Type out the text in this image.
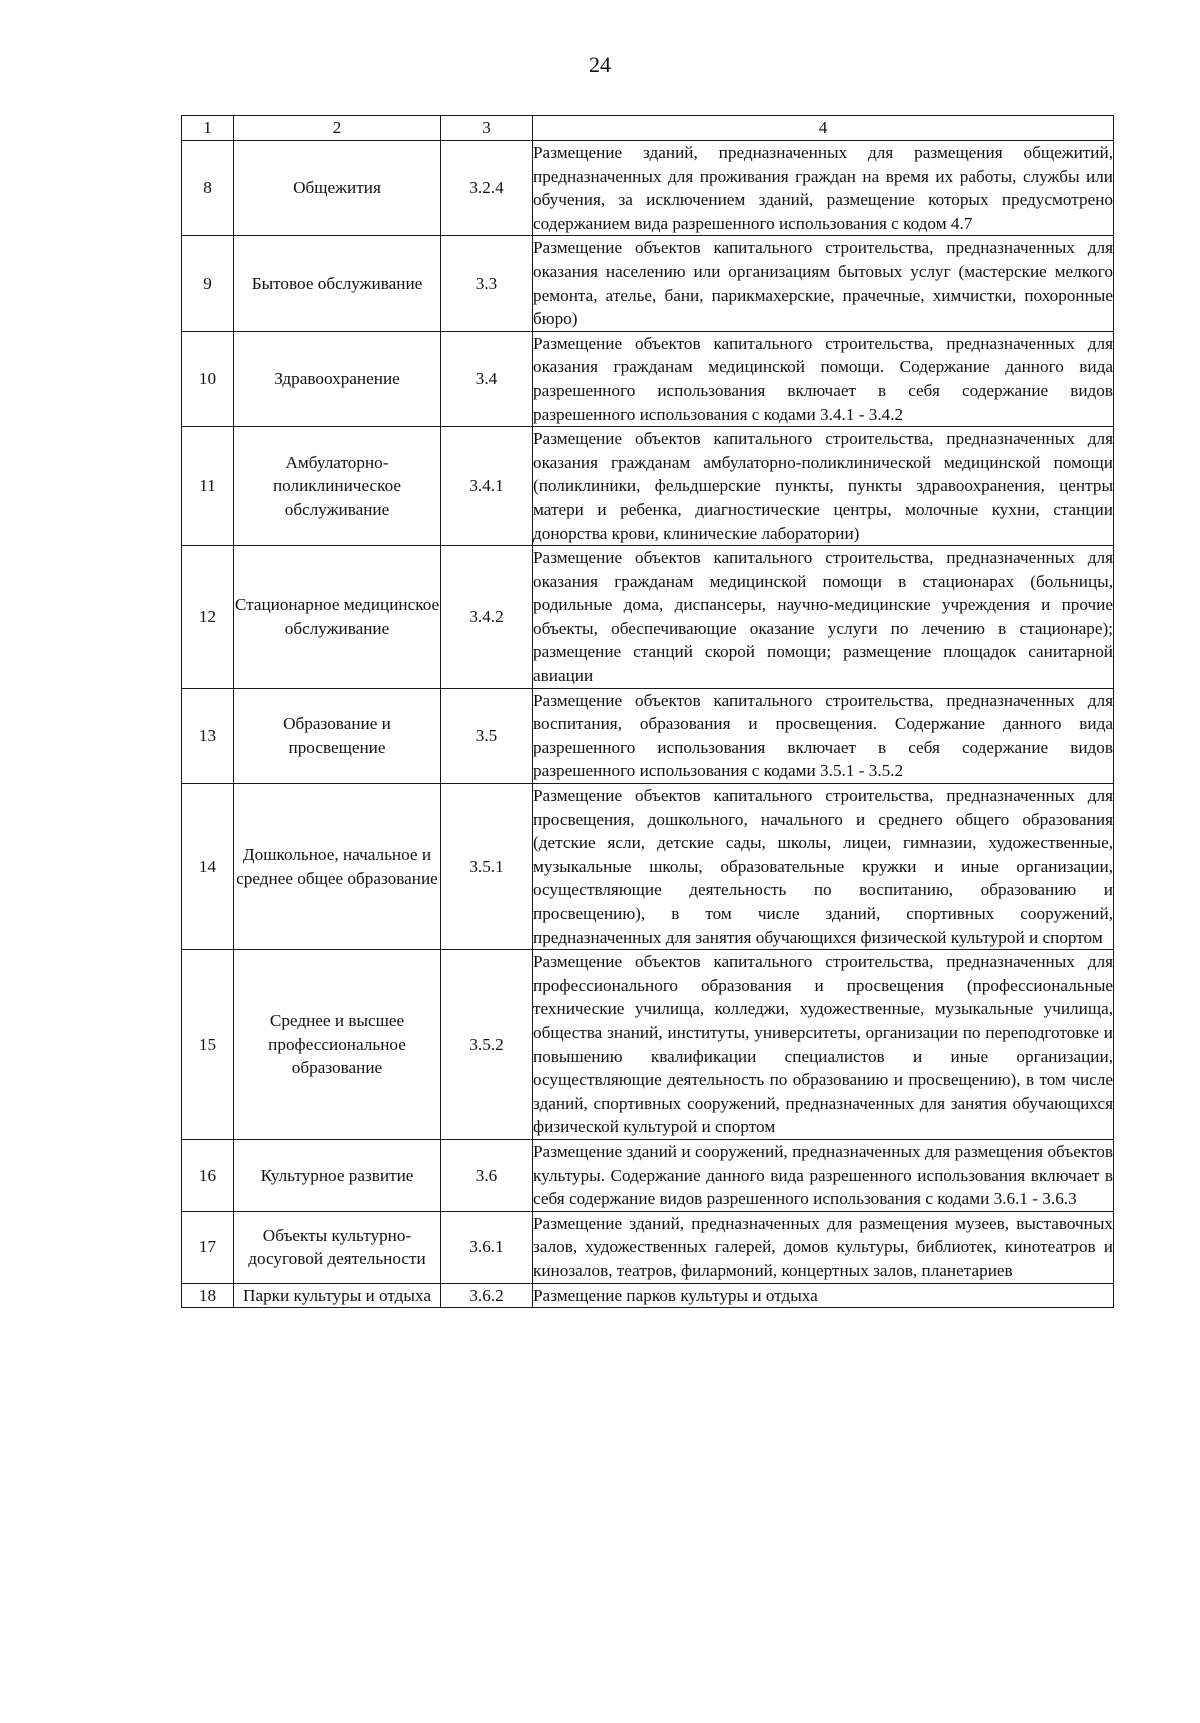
24
1	2	3	4
8	Общежития	3.2.4	Размещение зданий, предназначенных для размещения общежитий, предназначенных для проживания граждан на время их работы, службы или обучения, за исключением зданий, размещение которых предусмотрено содержанием вида разрешенного использования с кодом 4.7
9	Бытовое обслуживание	3.3	Размещение объектов капитального строительства, предназначенных для оказания населению или организациям бытовых услуг (мастерские мелкого ремонта, ателье, бани, парикмахерские, прачечные, химчистки, похоронные бюро)
10	Здравоохранение	3.4	Размещение объектов капитального строительства, предназначенных для оказания гражданам медицинской помощи. Содержание данного вида разрешенного использования включает в себя содержание видов разрешенного использования с кодами 3.4.1 - 3.4.2
11	Амбулаторно-поликлиническое обслуживание	3.4.1	Размещение объектов капитального строительства, предназначенных для оказания гражданам амбулаторно-поликлинической медицинской помощи (поликлиники, фельдшерские пункты, пункты здравоохранения, центры матери и ребенка, диагностические центры, молочные кухни, станции донорства крови, клинические лаборатории)
12	Стационарное медицинское обслуживание	3.4.2	Размещение объектов капитального строительства, предназначенных для оказания гражданам медицинской помощи в стационарах (больницы, родильные дома, диспансеры, научно-медицинские учреждения и прочие объекты, обеспечивающие оказание услуги по лечению в стационаре); размещение станций скорой помощи; размещение площадок санитарной авиации
13	Образование и просвещение	3.5	Размещение объектов капитального строительства, предназначенных для воспитания, образования и просвещения. Содержание данного вида разрешенного использования включает в себя содержание видов разрешенного использования с кодами 3.5.1 - 3.5.2
14	Дошкольное, начальное и среднее общее образование	3.5.1	Размещение объектов капитального строительства, предназначенных для просвещения, дошкольного, начального и среднего общего образования (детские ясли, детские сады, школы, лицеи, гимназии, художественные, музыкальные школы, образовательные кружки и иные организации, осуществляющие деятельность по воспитанию, образованию и просвещению), в том числе зданий, спортивных сооружений, предназначенных для занятия обучающихся физической культурой и спортом
15	Среднее и высшее профессиональное образование	3.5.2	Размещение объектов капитального строительства, предназначенных для профессионального образования и просвещения (профессиональные технические училища, колледжи, художественные, музыкальные училища, общества знаний, институты, университеты, организации по переподготовке и повышению квалификации специалистов и иные организации, осуществляющие деятельность по образованию и просвещению), в том числе зданий, спортивных сооружений, предназначенных для занятия обучающихся физической культурой и спортом
16	Культурное развитие	3.6	Размещение зданий и сооружений, предназначенных для размещения объектов культуры. Содержание данного вида разрешенного использования включает в себя содержание видов разрешенного использования с кодами 3.6.1 - 3.6.3
17	Объекты культурно-досуговой деятельности	3.6.1	Размещение зданий, предназначенных для размещения музеев, выставочных залов, художественных галерей, домов культуры, библиотек, кинотеатров и кинозалов, театров, филармоний, концертных залов, планетариев
18	Парки культуры и отдыха	3.6.2	Размещение парков культуры и отдыха
